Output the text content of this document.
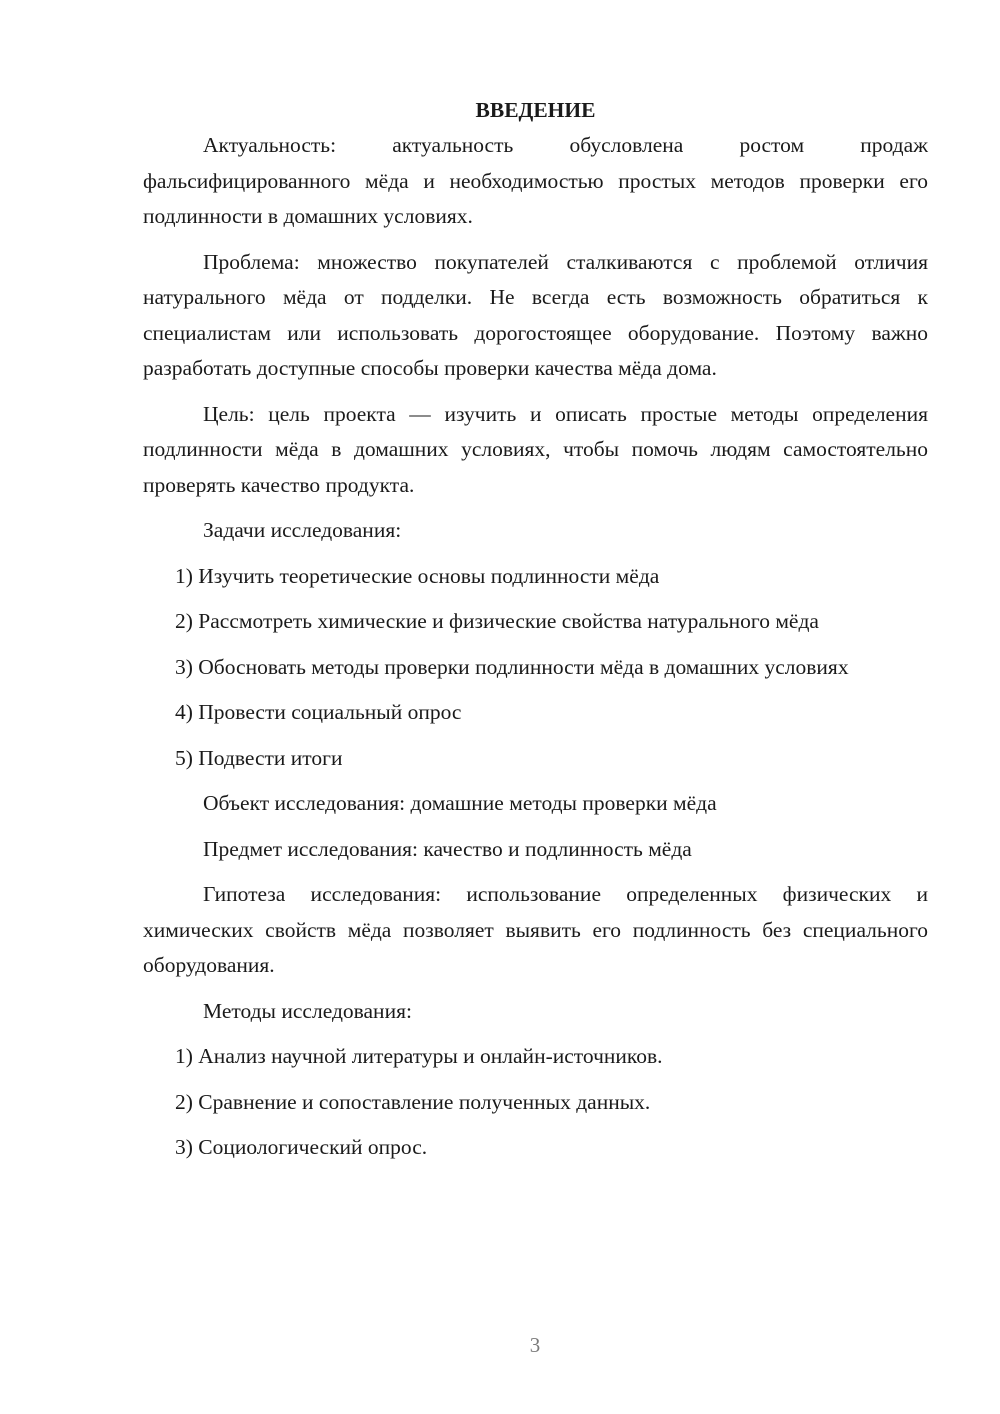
ВВЕДЕНИЕ

Актуальность: актуальность обусловлена ростом продаж фальсифицированного мёда и необходимостью простых методов проверки его подлинности в домашних условиях.

Проблема: множество покупателей сталкиваются с проблемой отличия натурального мёда от подделки. Не всегда есть возможность обратиться к специалистам или использовать дорогостоящее оборудование. Поэтому важно разработать доступные способы проверки качества мёда дома.

Цель: цель проекта — изучить и описать простые методы определения подлинности мёда в домашних условиях, чтобы помочь людям самостоятельно проверять качество продукта.

Задачи исследования:

1) Изучить теоретические основы подлинности мёда

2) Рассмотреть химические и физические свойства натурального мёда

3) Обосновать методы проверки подлинности мёда в домашних условиях

4) Провести социальный опрос

5) Подвести итоги

Объект исследования: домашние методы проверки мёда

Предмет исследования: качество и подлинность мёда

Гипотеза исследования: использование определенных физических и химических свойств мёда позволяет выявить его подлинность без специального оборудования.

Методы исследования:

1) Анализ научной литературы и онлайн-источников.

2) Сравнение и сопоставление полученных данных.

3) Социологический опрос.

3
